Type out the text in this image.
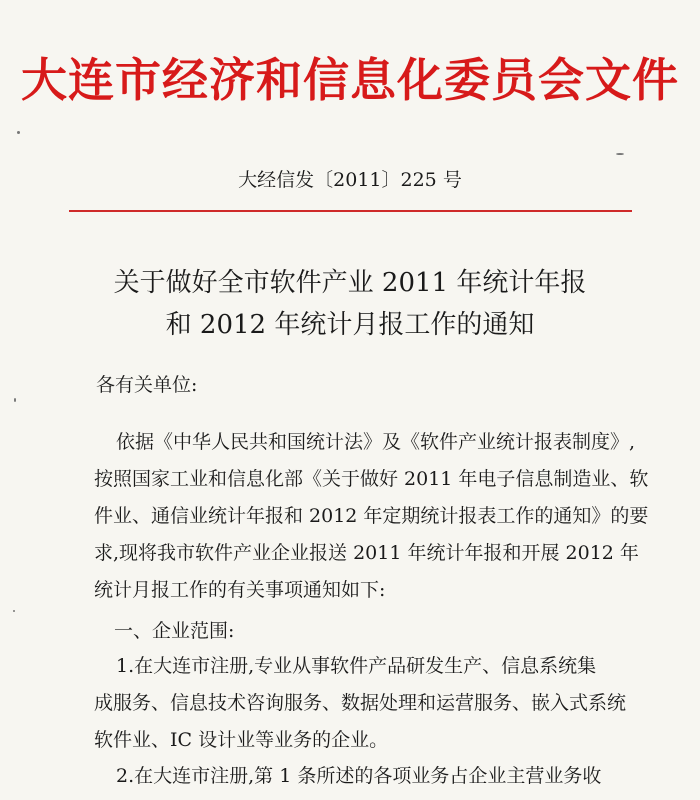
大连市经济和信息化委员会文件
大经信发〔2011〕225 号
关于做好全市软件产业 2011 年统计年报
和 2012 年统计月报工作的通知
各有关单位:
依据《中华人民共和国统计法》及《软件产业统计报表制度》,
按照国家工业和信息化部《关于做好 2011 年电子信息制造业、软
件业、通信业统计年报和 2012 年定期统计报表工作的通知》的要
求,现将我市软件产业企业报送 2011 年统计年报和开展 2012 年
统计月报工作的有关事项通知如下:
一、企业范围:
1.在大连市注册,专业从事软件产品研发生产、信息系统集
成服务、信息技术咨询服务、数据处理和运营服务、嵌入式系统
软件业、IC 设计业等业务的企业。
2.在大连市注册,第 1 条所述的各项业务占企业主营业务收
